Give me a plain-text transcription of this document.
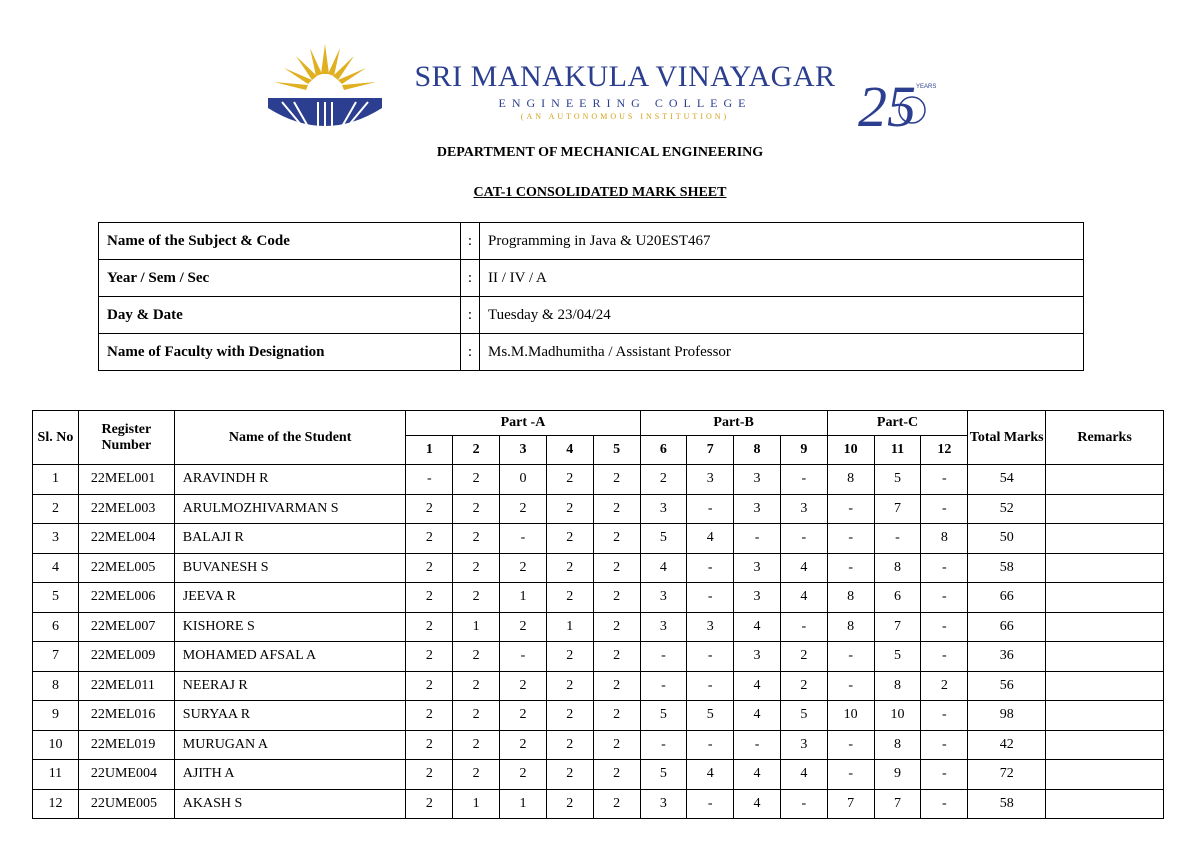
SRI MANAKULA VINAYAGAR
ENGINEERING COLLEGE
(AN AUTONOMOUS INSTITUTION)	25 YEARS
DEPARTMENT OF MECHANICAL ENGINEERING
CAT-1 CONSOLIDATED MARK SHEET
Name of the Subject & Code	:	Programming in Java & U20EST467
Year / Sem / Sec	:	II / IV / A
Day & Date	:	Tuesday & 23/04/24
Name of Faculty with Designation	:	Ms.M.Madhumitha / Assistant Professor
Sl. No	Register Number	Name of the Student	Part -A					Part-B				Part-C			Total Marks	Remarks
			1	2	3	4	5	6	7	8	9	10	11	12		
1	22MEL001	ARAVINDH R	-	2	0	2	2	2	3	3	-	8	5	-	54	
2	22MEL003	ARULMOZHIVARMAN S	2	2	2	2	2	3	-	3	3	-	7	-	52	
3	22MEL004	BALAJI R	2	2	-	2	2	5	4	-	-	-	-	8	50	
4	22MEL005	BUVANESH S	2	2	2	2	2	4	-	3	4	-	8	-	58	
5	22MEL006	JEEVA R	2	2	1	2	2	3	-	3	4	8	6	-	66	
6	22MEL007	KISHORE S	2	1	2	1	2	3	3	4	-	8	7	-	66	
7	22MEL009	MOHAMED AFSAL A	2	2	-	2	2	-	-	3	2	-	5	-	36	
8	22MEL011	NEERAJ R	2	2	2	2	2	-	-	4	2	-	8	2	56	
9	22MEL016	SURYAA R	2	2	2	2	2	5	5	4	5	10	10	-	98	
10	22MEL019	MURUGAN A	2	2	2	2	2	-	-	-	3	-	8	-	42	
11	22UME004	AJITH A	2	2	2	2	2	5	4	4	4	-	9	-	72	
12	22UME005	AKASH S	2	1	1	2	2	3	-	4	-	7	7	-	58	
